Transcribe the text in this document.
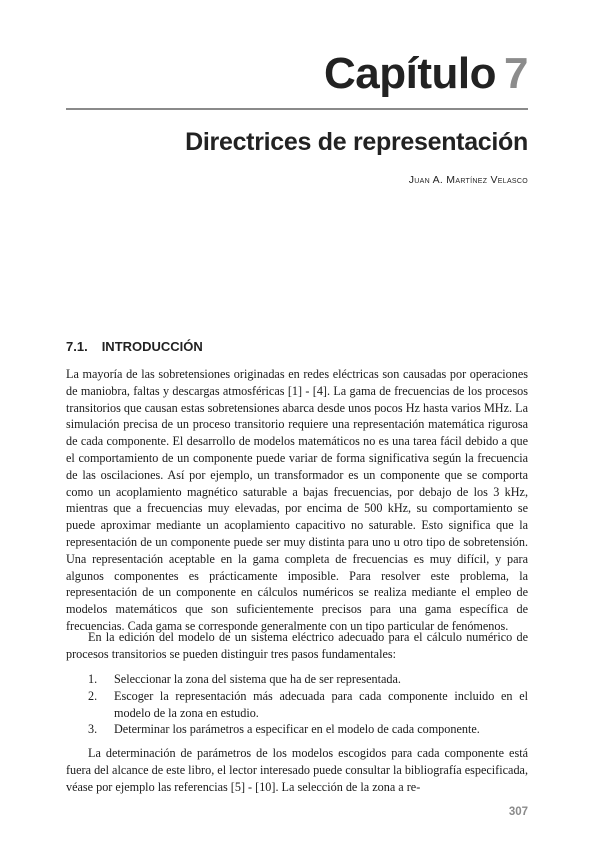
Capítulo 7
Directrices de representación
Juan A. Martínez Velasco
7.1. INTRODUCCIÓN
La mayoría de las sobretensiones originadas en redes eléctricas son causadas por operaciones de maniobra, faltas y descargas atmosféricas [1] - [4]. La gama de frecuencias de los procesos transitorios que causan estas sobretensiones abarca desde unos pocos Hz hasta varios MHz. La simulación precisa de un proceso transitorio requiere una representación matemática rigurosa de cada componente. El desarrollo de modelos matemáticos no es una tarea fácil debido a que el comportamiento de un componente puede variar de forma significativa según la frecuencia de las oscilaciones. Así por ejemplo, un transformador es un componente que se comporta como un acoplamiento magnético saturable a bajas frecuencias, por debajo de los 3 kHz, mientras que a frecuencias muy elevadas, por encima de 500 kHz, su comportamiento se puede aproximar mediante un acoplamiento capacitivo no saturable. Esto significa que la representación de un componente puede ser muy distinta para uno u otro tipo de sobretensión. Una representación aceptable en la gama completa de frecuencias es muy difícil, y para algunos componentes es prácticamente imposible. Para resolver este problema, la representación de un componente en cálculos numéricos se realiza mediante el empleo de modelos matemáticos que son suficientemente precisos para una gama específica de frecuencias. Cada gama se corresponde generalmente con un tipo particular de fenómenos.
En la edición del modelo de un sistema eléctrico adecuado para el cálculo numérico de procesos transitorios se pueden distinguir tres pasos fundamentales:
1.	Seleccionar la zona del sistema que ha de ser representada.
2.	Escoger la representación más adecuada para cada componente incluido en el modelo de la zona en estudio.
3.	Determinar los parámetros a especificar en el modelo de cada componente.
La determinación de parámetros de los modelos escogidos para cada componente está fuera del alcance de este libro, el lector interesado puede consultar la bibliografía especificada, véase por ejemplo las referencias [5] - [10]. La selección de la zona a re-
307
